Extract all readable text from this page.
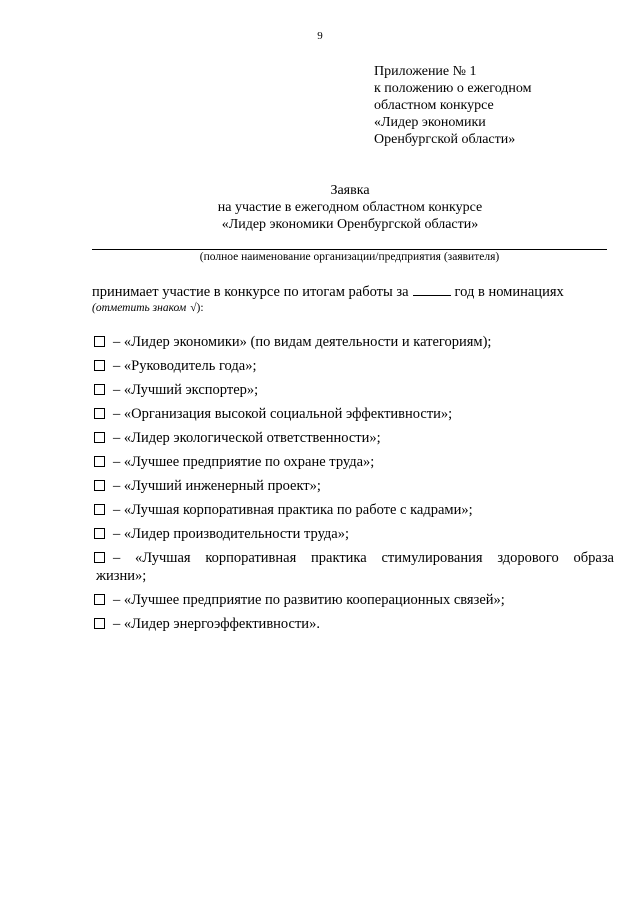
9
Приложение № 1
к положению о ежегодном
областном конкурсе
«Лидер экономики
Оренбургской области»
Заявка
на участие в ежегодном областном конкурсе
«Лидер экономики Оренбургской области»
(полное наименование организации/предприятия (заявителя)
принимает участие в конкурсе по итогам работы за	год в номинациях
(отметить знаком √):
– «Лидер экономики» (по видам деятельности и категориям);
– «Руководитель года»;
– «Лучший экспортер»;
– «Организация высокой социальной эффективности»;
– «Лидер экологической ответственности»;
– «Лучшее предприятие по охране труда»;
– «Лучший инженерный проект»;
– «Лучшая корпоративная практика по работе с кадрами»;
– «Лидер производительности труда»;
– «Лучшая корпоративная практика стимулирования здорового образа
жизни»;
– «Лучшее предприятие по развитию кооперационных связей»;
– «Лидер энергоэффективности».
